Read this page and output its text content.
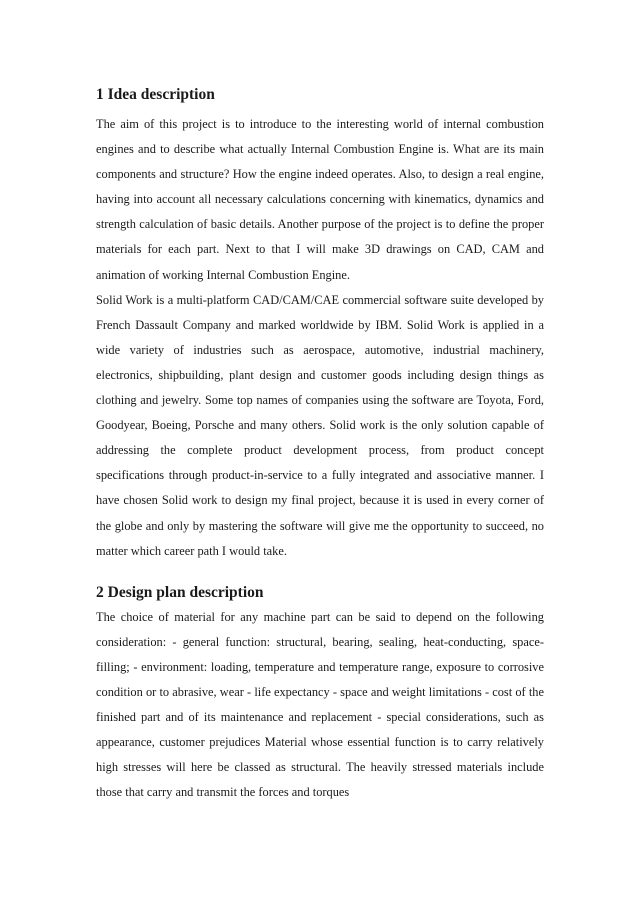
1 Idea description

The aim of this project is to introduce to the interesting world of internal combustion engines and to describe what actually Internal Combustion Engine is. What are its main components and structure? How the engine indeed operates. Also, to design a real engine, having into account all necessary calculations concerning with kinematics, dynamics and strength calculation of basic details. Another purpose of the project is to define the proper materials for each part. Next to that I will make 3D drawings on CAD, CAM and animation of working Internal Combustion Engine.

Solid Work is a multi-platform CAD/CAM/CAE commercial software suite developed by French Dassault Company and marked worldwide by IBM. Solid Work is applied in a wide variety of industries such as aerospace, automotive, industrial machinery, electronics, shipbuilding, plant design and customer goods including design things as clothing and jewelry. Some top names of companies using the software are Toyota, Ford, Goodyear, Boeing, Porsche and many others. Solid work is the only solution capable of addressing the complete product development process, from product concept specifications through product-in-service to a fully integrated and associative manner. I have chosen Solid work to design my final project, because it is used in every corner of the globe and only by mastering the software will give me the opportunity to succeed, no matter which career path I would take.

2 Design plan description

The choice of material for any machine part can be said to depend on the following consideration: - general function: structural, bearing, sealing, heat-conducting, space-filling; - environment: loading, temperature and temperature range, exposure to corrosive condition or to abrasive, wear - life expectancy - space and weight limitations - cost of the finished part and of its maintenance and replacement - special considerations, such as appearance, customer prejudices Material whose essential function is to carry relatively high stresses will here be classed as structural. The heavily stressed materials include those that carry and transmit the forces and torques
